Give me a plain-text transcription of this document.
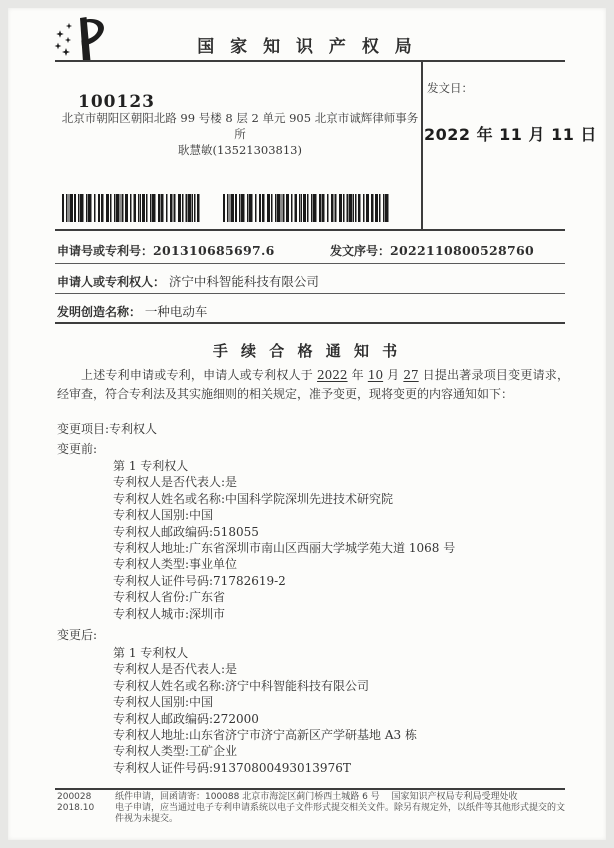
国 家 知 识 产 权 局
100123
北京市朝阳区朝阳北路 99 号楼 8 层 2 单元 905 北京市诚辉律师事务
所
耿慧敏(13521303813)
发文日：
2022 年 11 月 11 日
申请号或专利号：201310685697.6	发文序号：2022110800528760
申请人或专利权人： 济宁中科智能科技有限公司
发明创造名称： 一种电动车
手 续 合 格 通 知 书

上述专利申请或专利，申请人或专利权人于 2022 年 10 月 27 日提出著录项目变更请求，经审查，符合专利法及其实施细则的相关规定，准予变更，现将变更的内容通知如下：

变更项目:专利权人
变更前:
第 1 专利权人
专利权人是否代表人:是
专利权人姓名或名称:中国科学院深圳先进技术研究院
专利权人国别:中国
专利权人邮政编码:518055
专利权人地址:广东省深圳市南山区西丽大学城学苑大道 1068 号
专利权人类型:事业单位
专利权人证件号码:71782619-2
专利权人省份:广东省
专利权人城市:深圳市
变更后:
第 1 专利权人
专利权人是否代表人:是
专利权人姓名或名称:济宁中科智能科技有限公司
专利权人国别:中国
专利权人邮政编码:272000
专利权人地址:山东省济宁市济宁高新区产学研基地 A3 栋
专利权人类型:工矿企业
专利权人证件号码:91370800493013976T
200028
2018.10

纸件申请，回函请寄：100088 北京市海淀区蓟门桥西土城路 6 号　 国家知识产权局专利局受理处收

电子申请，应当通过电子专利申请系统以电子文件形式提交相关文件。除另有规定外，以纸件等其他形式提交的文件视为未提交。
